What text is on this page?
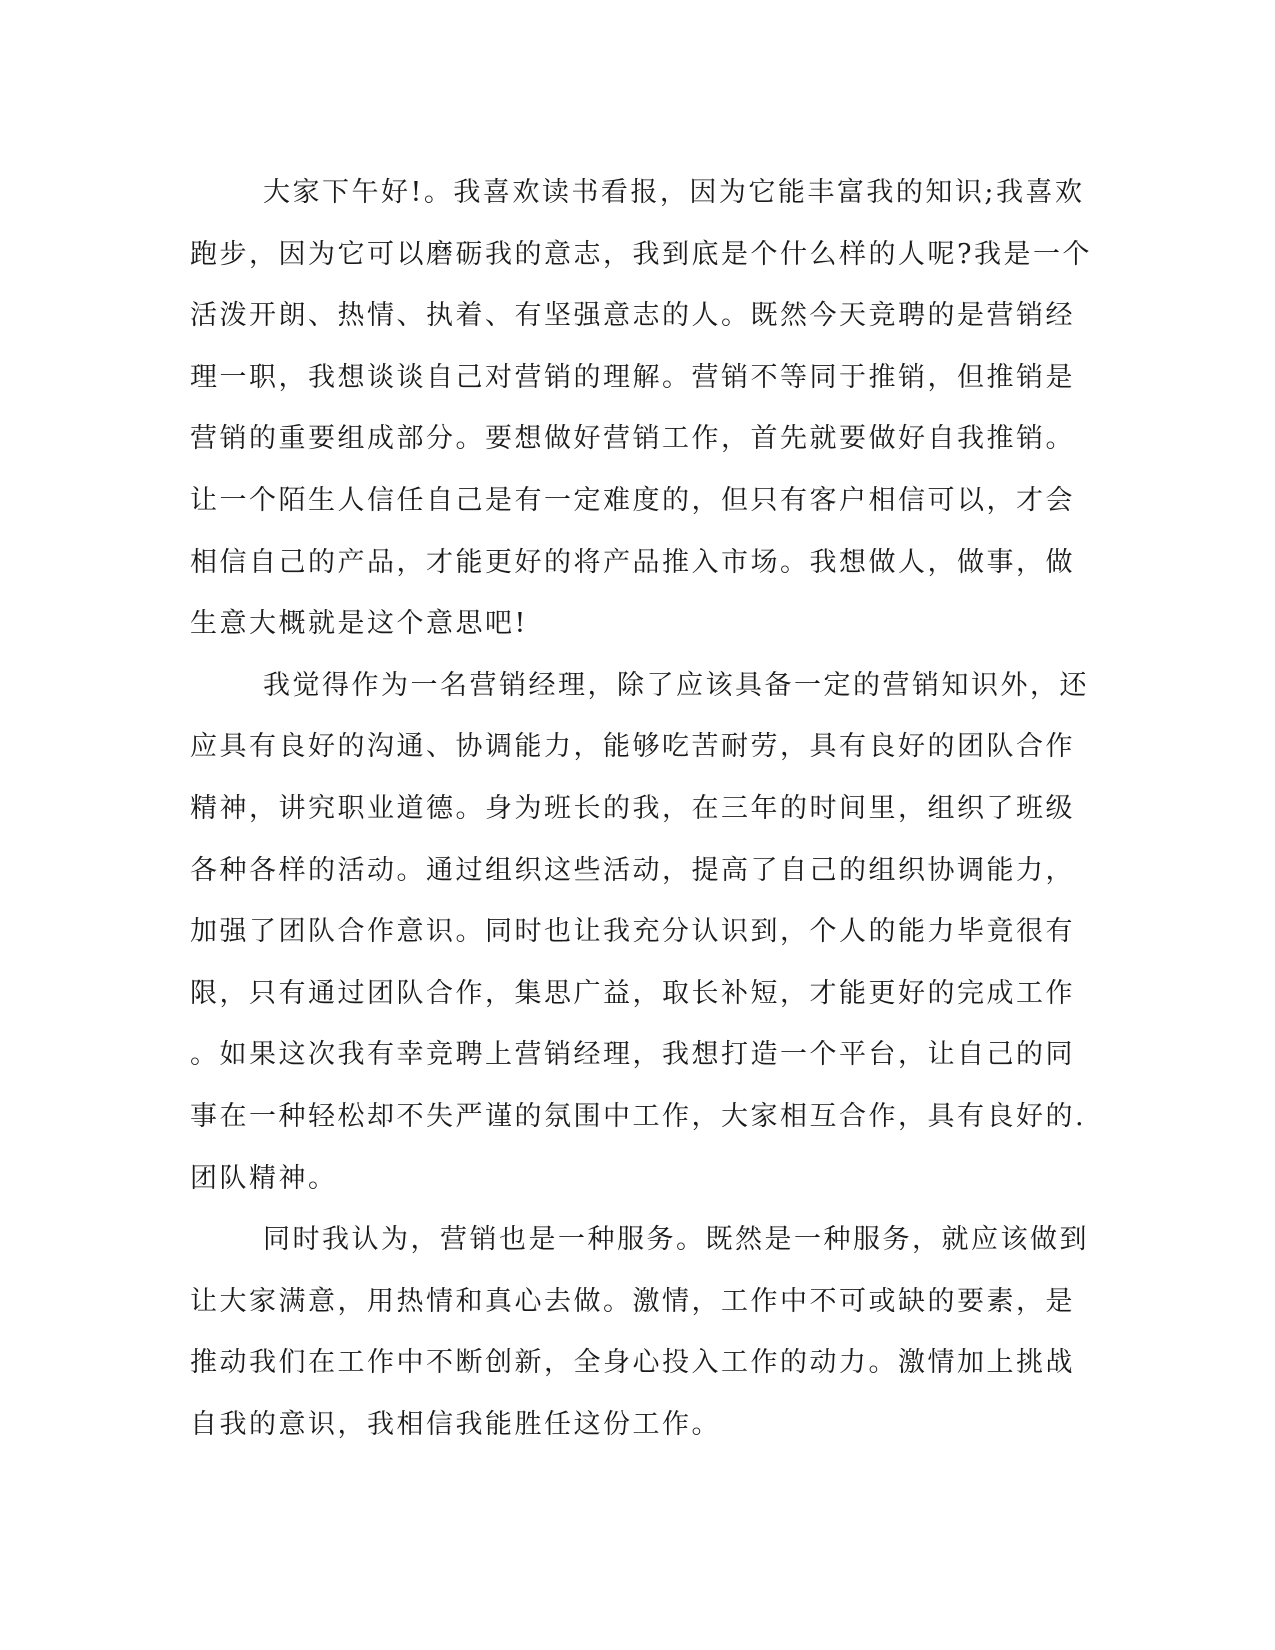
大家下午好!。我喜欢读书看报，因为它能丰富我的知识;我喜欢
跑步，因为它可以磨砺我的意志，我到底是个什么样的人呢?我是一个
活泼开朗、热情、执着、有坚强意志的人。既然今天竞聘的是营销经
理一职，我想谈谈自己对营销的理解。营销不等同于推销，但推销是
营销的重要组成部分。要想做好营销工作，首先就要做好自我推销。
让一个陌生人信任自己是有一定难度的，但只有客户相信可以，才会
相信自己的产品，才能更好的将产品推入市场。我想做人，做事，做
生意大概就是这个意思吧!
我觉得作为一名营销经理，除了应该具备一定的营销知识外，还
应具有良好的沟通、协调能力，能够吃苦耐劳，具有良好的团队合作
精神，讲究职业道德。身为班长的我，在三年的时间里，组织了班级
各种各样的活动。通过组织这些活动，提高了自己的组织协调能力，
加强了团队合作意识。同时也让我充分认识到，个人的能力毕竟很有
限，只有通过团队合作，集思广益，取长补短，才能更好的完成工作
。如果这次我有幸竞聘上营销经理，我想打造一个平台，让自己的同
事在一种轻松却不失严谨的氛围中工作，大家相互合作，具有良好的.
团队精神。
同时我认为，营销也是一种服务。既然是一种服务，就应该做到
让大家满意，用热情和真心去做。激情，工作中不可或缺的要素，是
推动我们在工作中不断创新，全身心投入工作的动力。激情加上挑战
自我的意识，我相信我能胜任这份工作。
